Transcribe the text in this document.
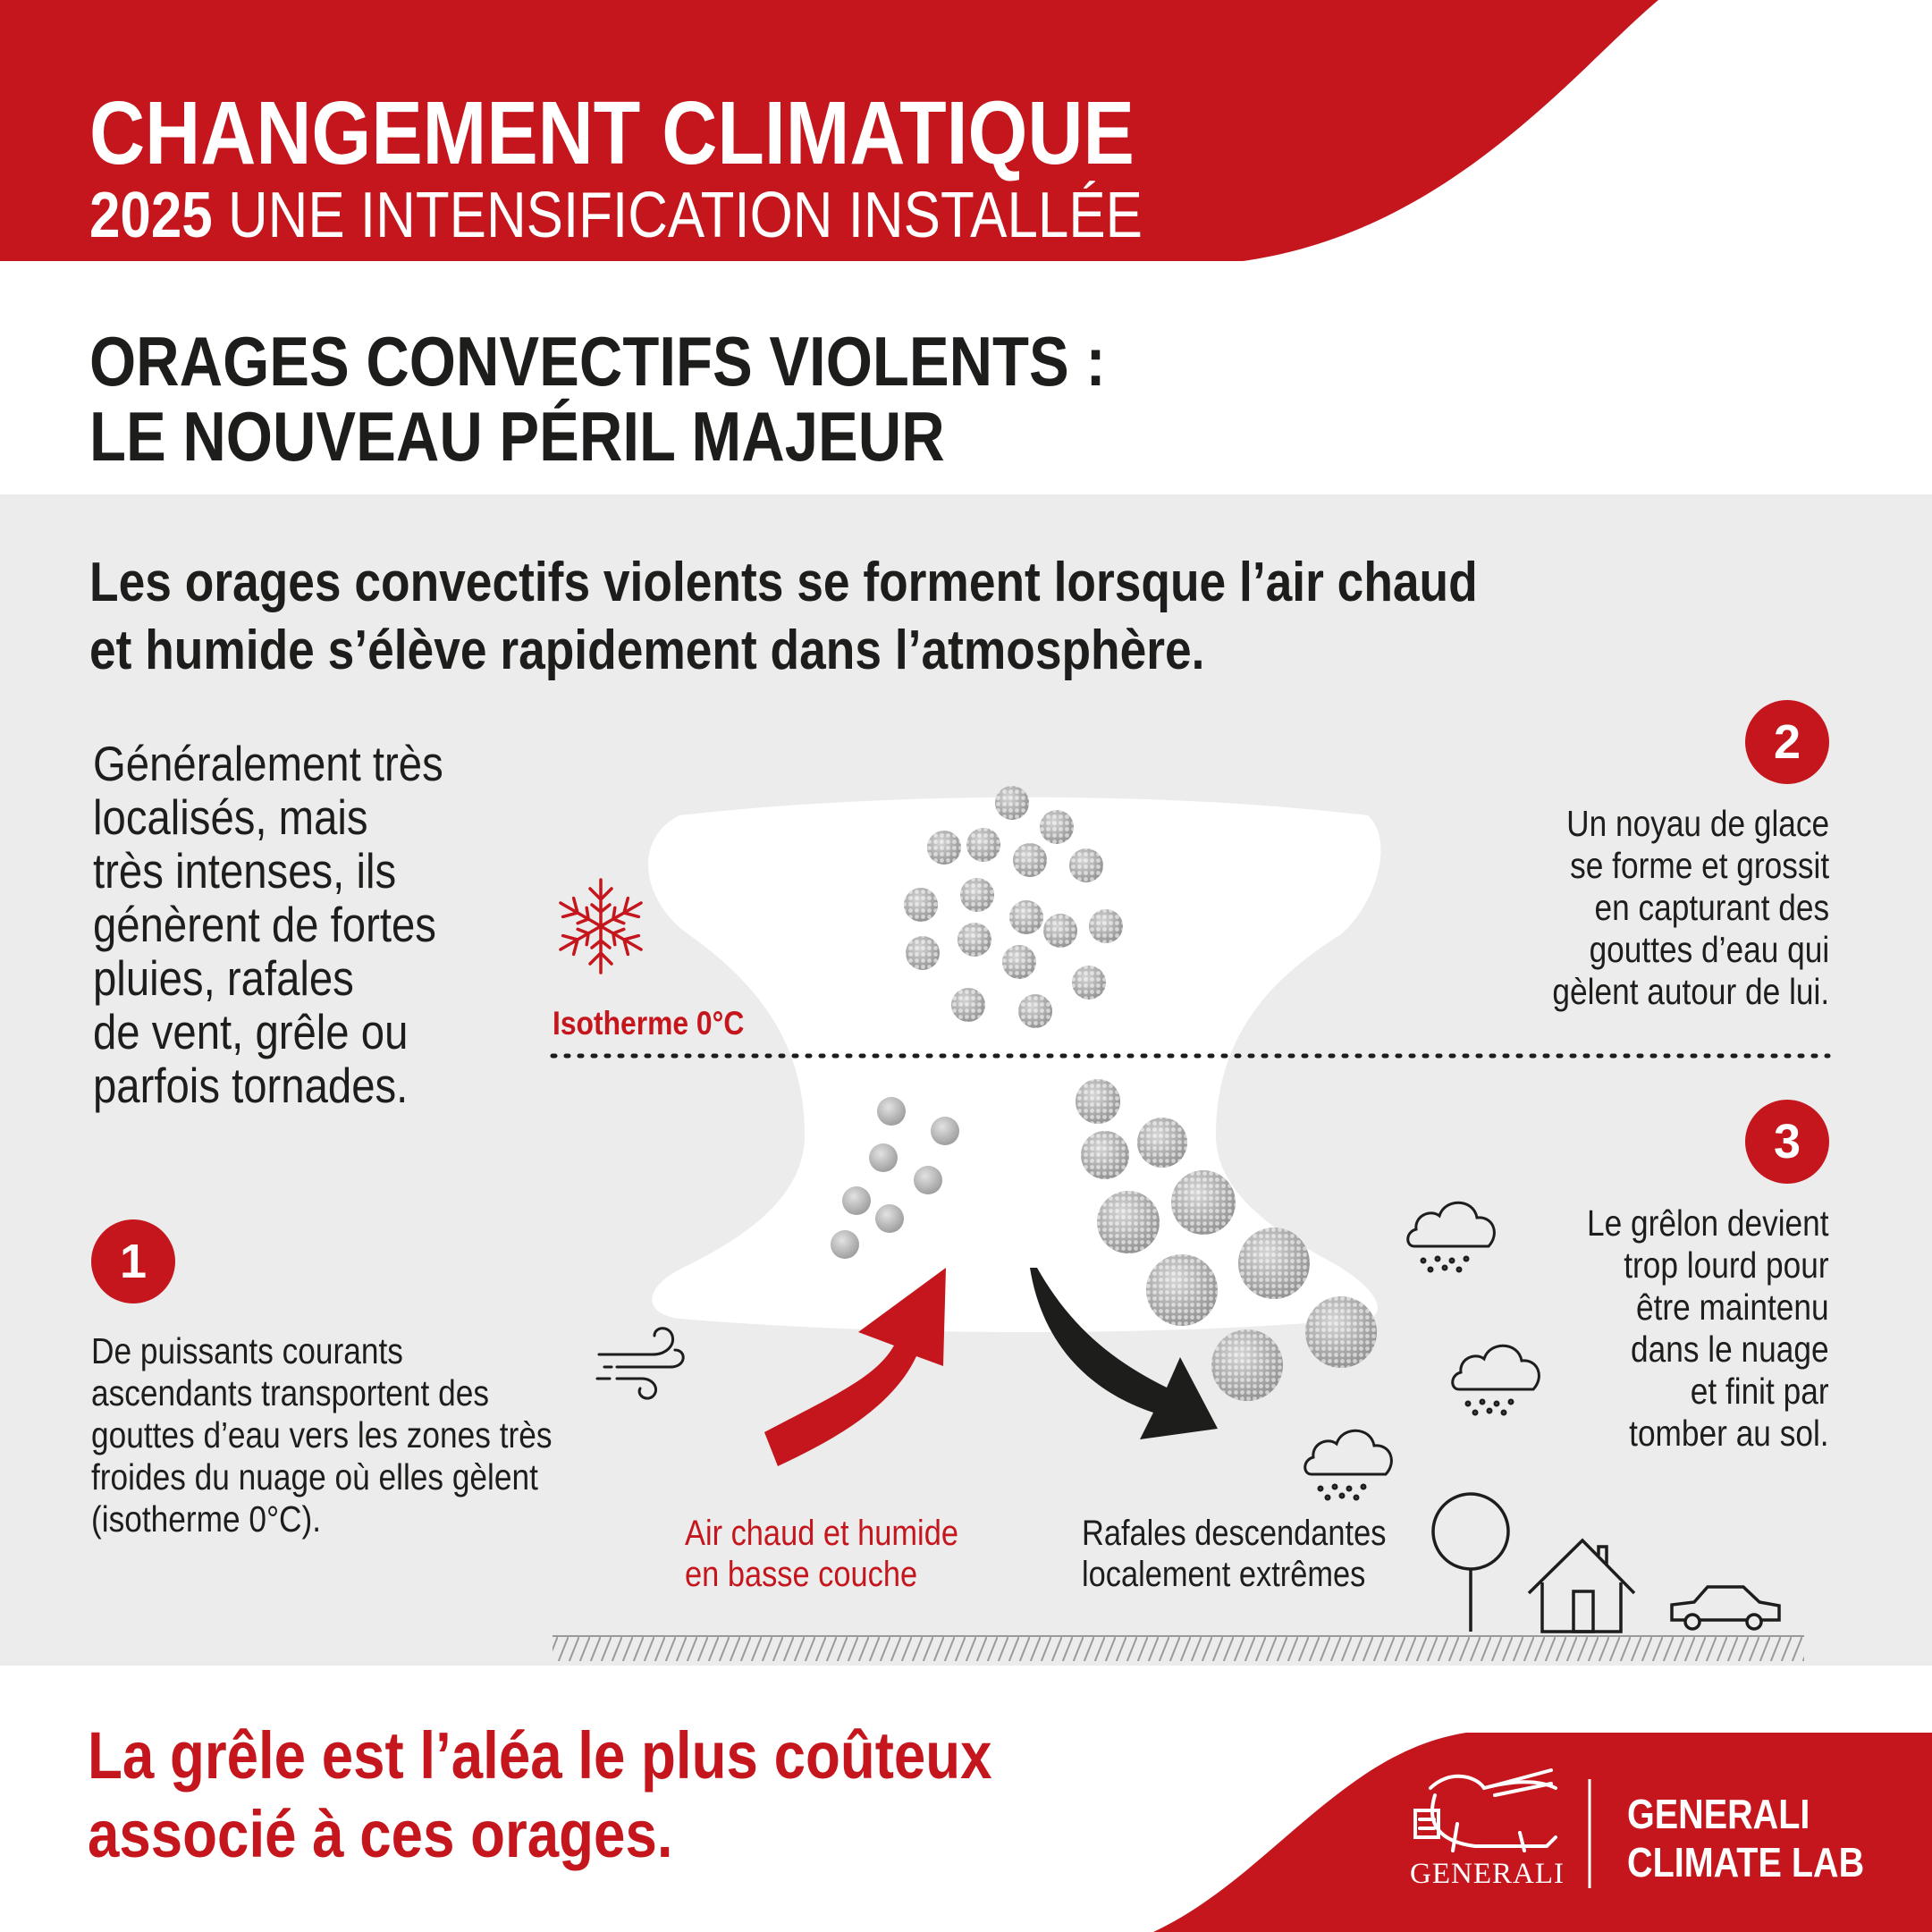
CHANGEMENT CLIMATIQUE
2025 UNE INTENSIFICATION INSTALLÉE
ORAGES CONVECTIFS VIOLENTS :
LE NOUVEAU PÉRIL MAJEUR
Les orages convectifs violents se forment lorsque l’air chaud
et humide s’élève rapidement dans l’atmosphère.
Généralement très
localisés, mais
très intenses, ils
génèrent de fortes
pluies, rafales
de vent, grêle ou
parfois tornades.
1
2
3
De puissants courants
ascendants transportent des
gouttes d’eau vers les zones très
froides du nuage où elles gèlent
(isotherme 0°C).
Un noyau de glace
se forme et grossit
en capturant des
gouttes d’eau qui
gèlent autour de lui.
Le grêlon devient
trop lourd pour
être maintenu
dans le nuage
et finit par
tomber au sol.
Isotherme 0°C
Air chaud et humide
en basse couche
Rafales descendantes
localement extrêmes
La grêle est l’aléa le plus coûteux
associé à ces orages.
GENERALI
GENERALI
CLIMATE LAB
